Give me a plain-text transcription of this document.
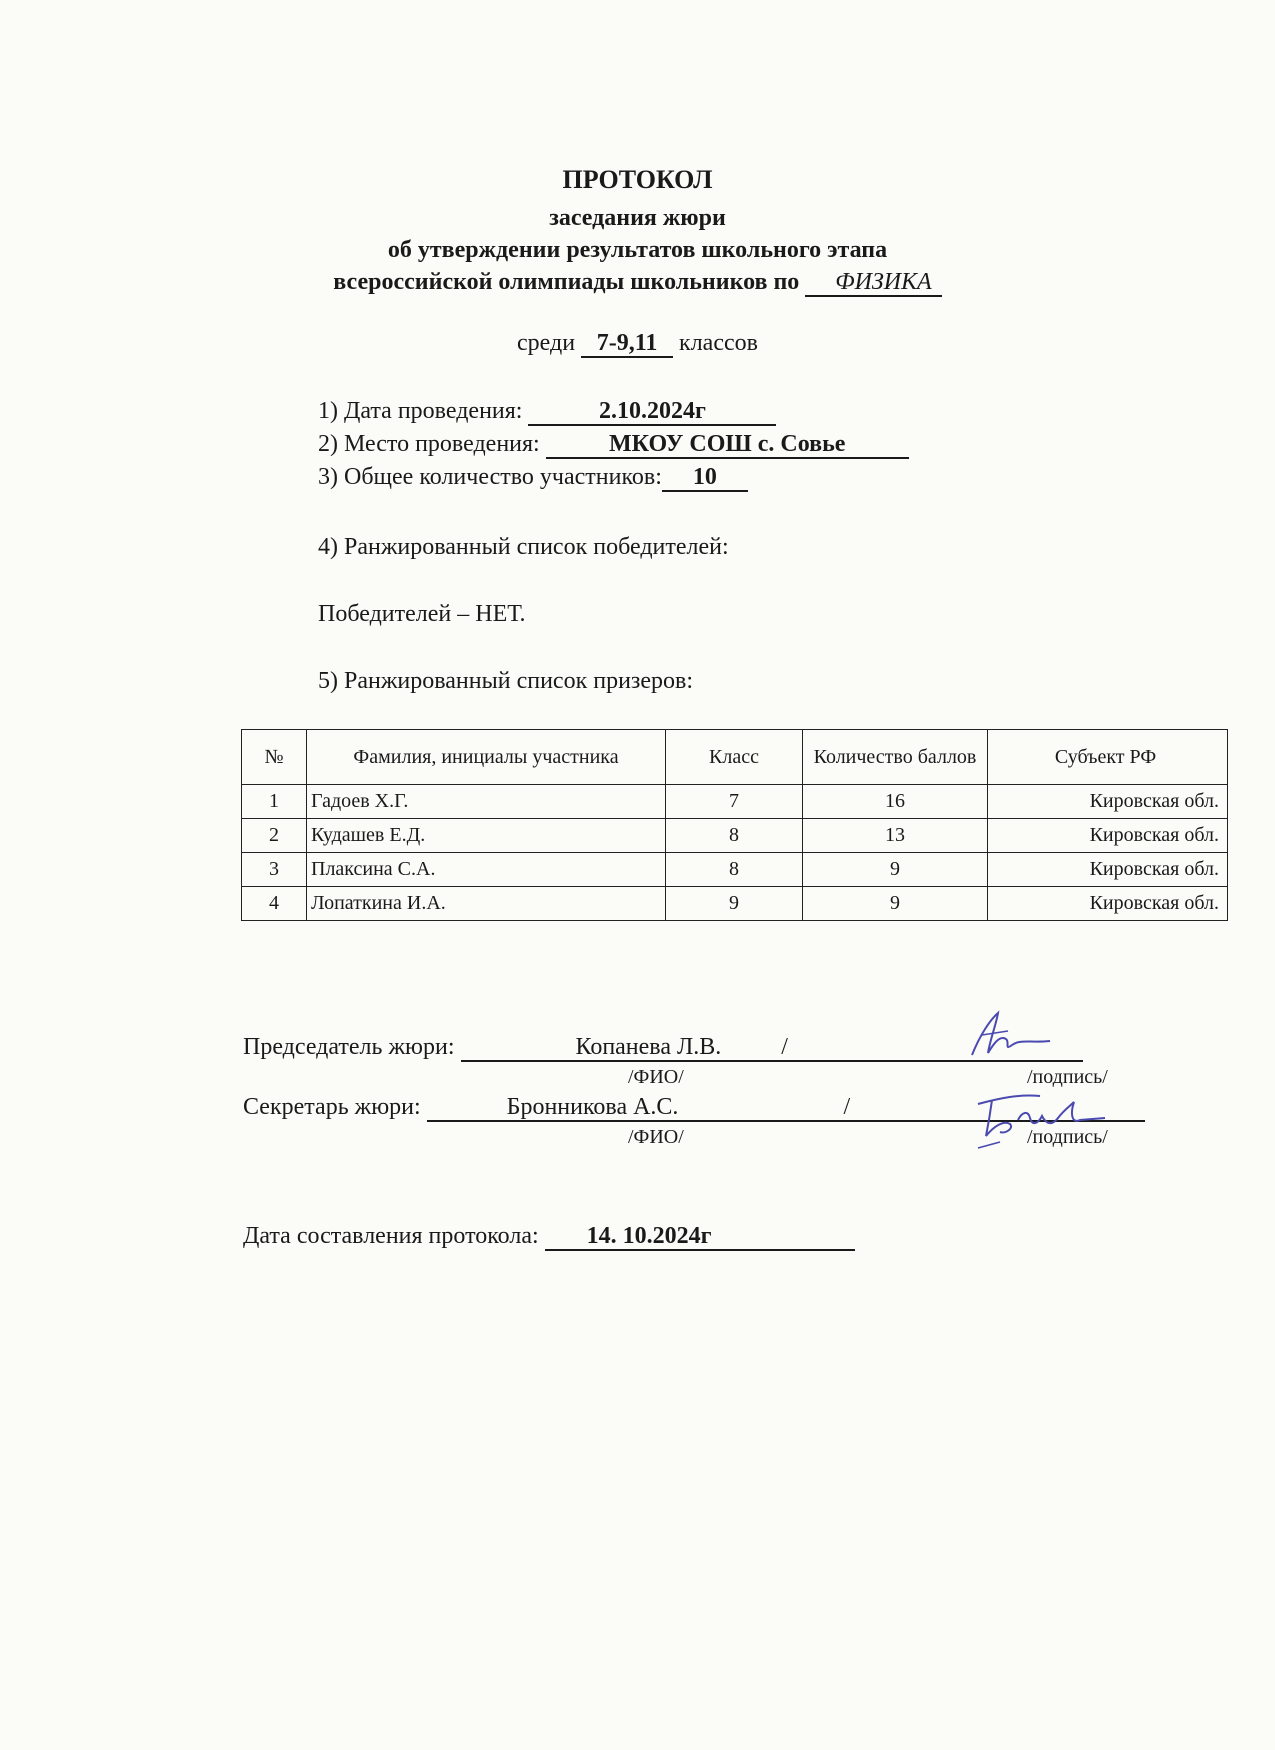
ПРОТОКОЛ
заседания жюри
об утверждении результатов школьного этапа
всероссийской олимпиады школьников по ФИЗИКА
среди 7-9,11 классов
1) Дата проведения:	2.10.2024г
2) Место проведения:	МКОУ СОШ с. Совье
3) Общее количество участников: 10
4) Ранжированный список победителей:
Победителей – НЕТ.
5) Ранжированный список призеров:
№	Фамилия, инициалы участника	Класс	Количество баллов	Субъект РФ
1	Гадоев Х.Г.	7	16	Кировская обл.
2	Кудашев Е.Д.	8	13	Кировская обл.
3	Плаксина С.А.	8	9	Кировская обл.
4	Лопаткина И.А.	9	9	Кировская обл.
Председатель жюри:	Копанева Л.В.	/
/ФИО/	/подпись/
Секретарь жюри:	Бронникова А.С.	/
/ФИО/	/подпись/
Дата составления протокола: 14. 10.2024г
